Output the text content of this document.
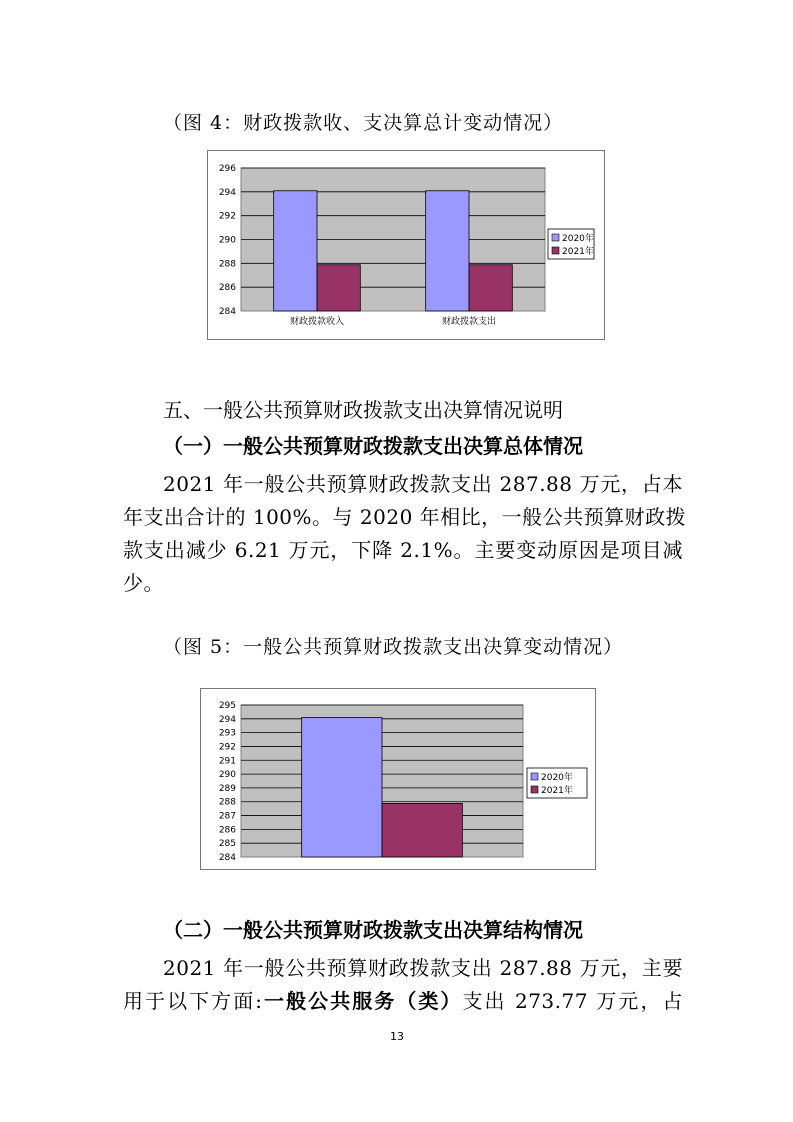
（图 4：财政拨款收、支决算总计变动情况）
284
286
288
290
292
294
296
财政拨款收入	财政拨款支出
2020年
2021年
五、一般公共预算财政拨款支出决算情况说明
（一）一般公共预算财政拨款支出决算总体情况
2021 年一般公共预算财政拨款支出 287.88 万元，占本
年支出合计的 100%。与 2020 年相比，一般公共预算财政拨
款支出减少 6.21 万元，下降 2.1%。主要变动原因是项目减
少。
（图 5：一般公共预算财政拨款支出决算变动情况）
284
285
286
287
288
289
290
291
292
293
294
295
2020年
2021年
（二）一般公共预算财政拨款支出决算结构情况
2021 年一般公共预算财政拨款支出 287.88 万元，主要
用于以下方面:一般公共服务（类）支出 273.77 万元，占
13
